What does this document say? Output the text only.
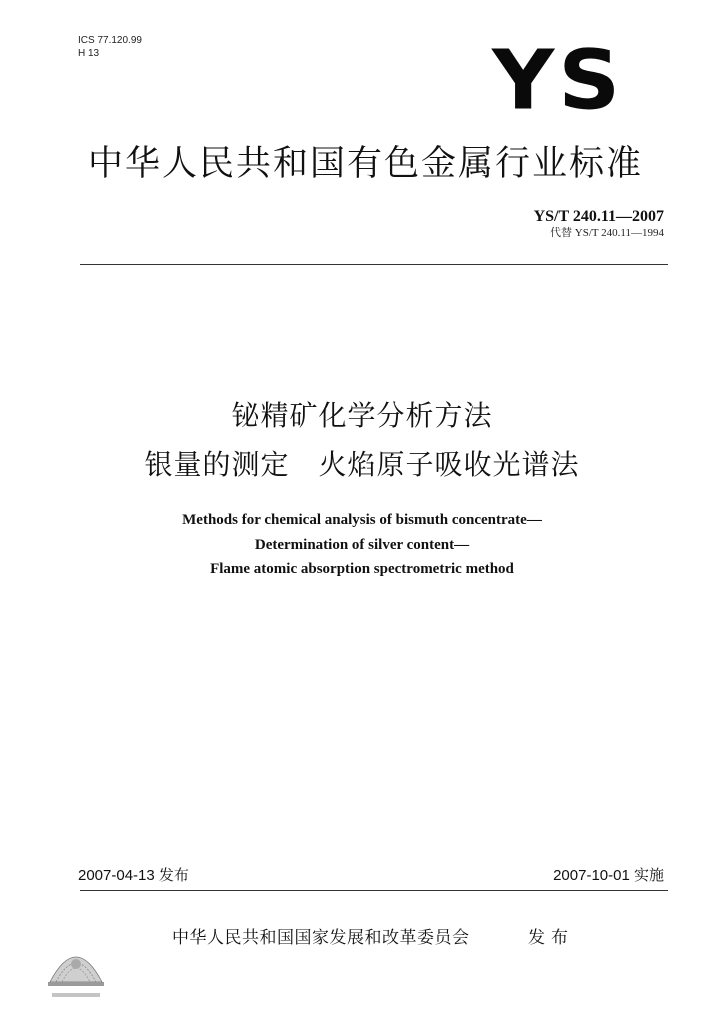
ICS 77.120.99
H 13	YS
中华人民共和国有色金属行业标准
YS/T 240.11—2007
代替 YS/T 240.11—1994
铋精矿化学分析方法
银量的测定　火焰原子吸收光谱法
Methods for chemical analysis of bismuth concentrate—
Determination of silver content—
Flame atomic absorption spectrometric method
2007-04-13 发布	2007-10-01 实施
中华人民共和国国家发展和改革委员会	发布
